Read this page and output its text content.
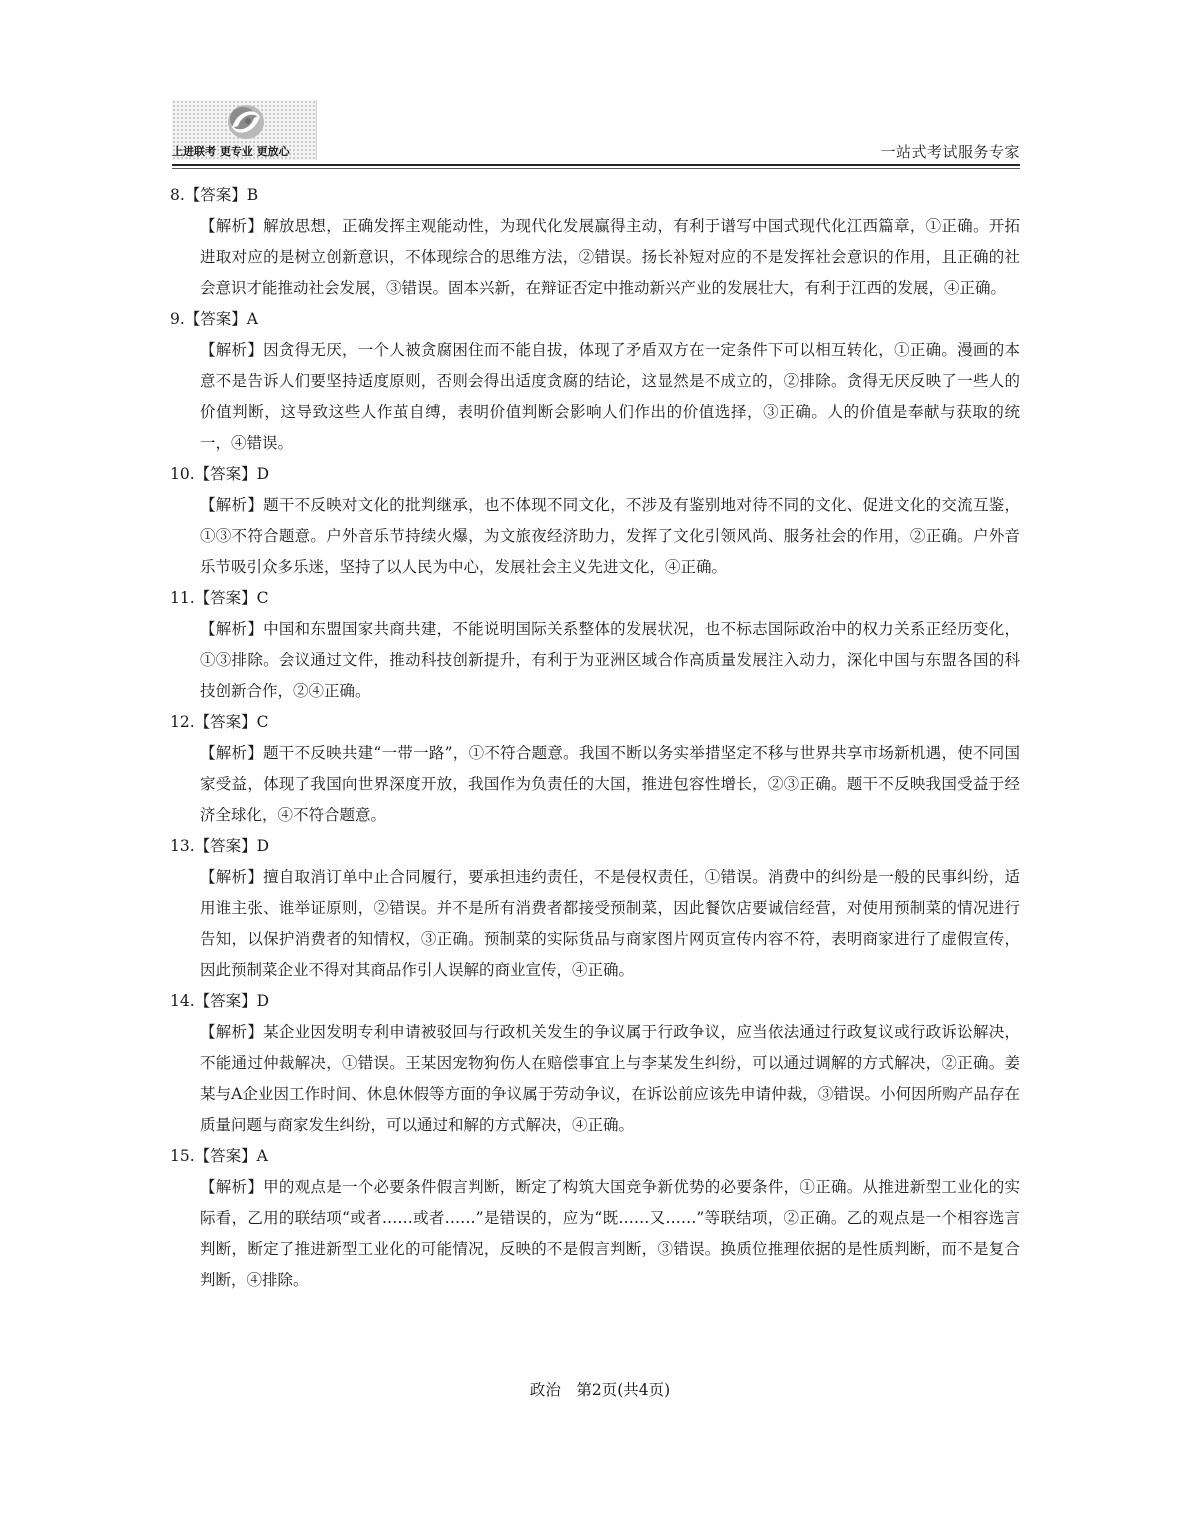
上进联考 更专业 更放心	一站式考试服务专家
8.【答案】B
【解析】解放思想，正确发挥主观能动性，为现代化发展赢得主动，有利于谱写中国式现代化江西篇章，①正确。开拓进取对应的是树立创新意识，不体现综合的思维方法，②错误。扬长补短对应的不是发挥社会意识的作用，且正确的社会意识才能推动社会发展，③错误。固本兴新，在辩证否定中推动新兴产业的发展壮大，有利于江西的发展，④正确。
9.【答案】A
【解析】因贪得无厌，一个人被贪腐困住而不能自拔，体现了矛盾双方在一定条件下可以相互转化，①正确。漫画的本意不是告诉人们要坚持适度原则，否则会得出适度贪腐的结论，这显然是不成立的，②排除。贪得无厌反映了一些人的价值判断，这导致这些人作茧自缚，表明价值判断会影响人们作出的价值选择，③正确。人的价值是奉献与获取的统一，④错误。
10.【答案】D
【解析】题干不反映对文化的批判继承，也不体现不同文化，不涉及有鉴别地对待不同的文化、促进文化的交流互鉴，①③不符合题意。户外音乐节持续火爆，为文旅夜经济助力，发挥了文化引领风尚、服务社会的作用，②正确。户外音乐节吸引众多乐迷，坚持了以人民为中心，发展社会主义先进文化，④正确。
11.【答案】C
【解析】中国和东盟国家共商共建，不能说明国际关系整体的发展状况，也不标志国际政治中的权力关系正经历变化，①③排除。会议通过文件，推动科技创新提升，有利于为亚洲区域合作高质量发展注入动力，深化中国与东盟各国的科技创新合作，②④正确。
12.【答案】C
【解析】题干不反映共建“一带一路”，①不符合题意。我国不断以务实举措坚定不移与世界共享市场新机遇，使不同国家受益，体现了我国向世界深度开放，我国作为负责任的大国，推进包容性增长，②③正确。题干不反映我国受益于经济全球化，④不符合题意。
13.【答案】D
【解析】擅自取消订单中止合同履行，要承担违约责任，不是侵权责任，①错误。消费中的纠纷是一般的民事纠纷，适用谁主张、谁举证原则，②错误。并不是所有消费者都接受预制菜，因此餐饮店要诚信经营，对使用预制菜的情况进行告知，以保护消费者的知情权，③正确。预制菜的实际货品与商家图片网页宣传内容不符，表明商家进行了虚假宣传，因此预制菜企业不得对其商品作引人误解的商业宣传，④正确。
14.【答案】D
【解析】某企业因发明专利申请被驳回与行政机关发生的争议属于行政争议，应当依法通过行政复议或行政诉讼解决，不能通过仲裁解决，①错误。王某因宠物狗伤人在赔偿事宜上与李某发生纠纷，可以通过调解的方式解决，②正确。姜某与A企业因工作时间、休息休假等方面的争议属于劳动争议，在诉讼前应该先申请仲裁，③错误。小何因所购产品存在质量问题与商家发生纠纷，可以通过和解的方式解决，④正确。
15.【答案】A
【解析】甲的观点是一个必要条件假言判断，断定了构筑大国竞争新优势的必要条件，①正确。从推进新型工业化的实际看，乙用的联结项“或者……或者……”是错误的，应为“既……又……”等联结项，②正确。乙的观点是一个相容选言判断，断定了推进新型工业化的可能情况，反映的不是假言判断，③错误。换质位推理依据的是性质判断，而不是复合判断，④排除。
政治　第2页(共4页)
